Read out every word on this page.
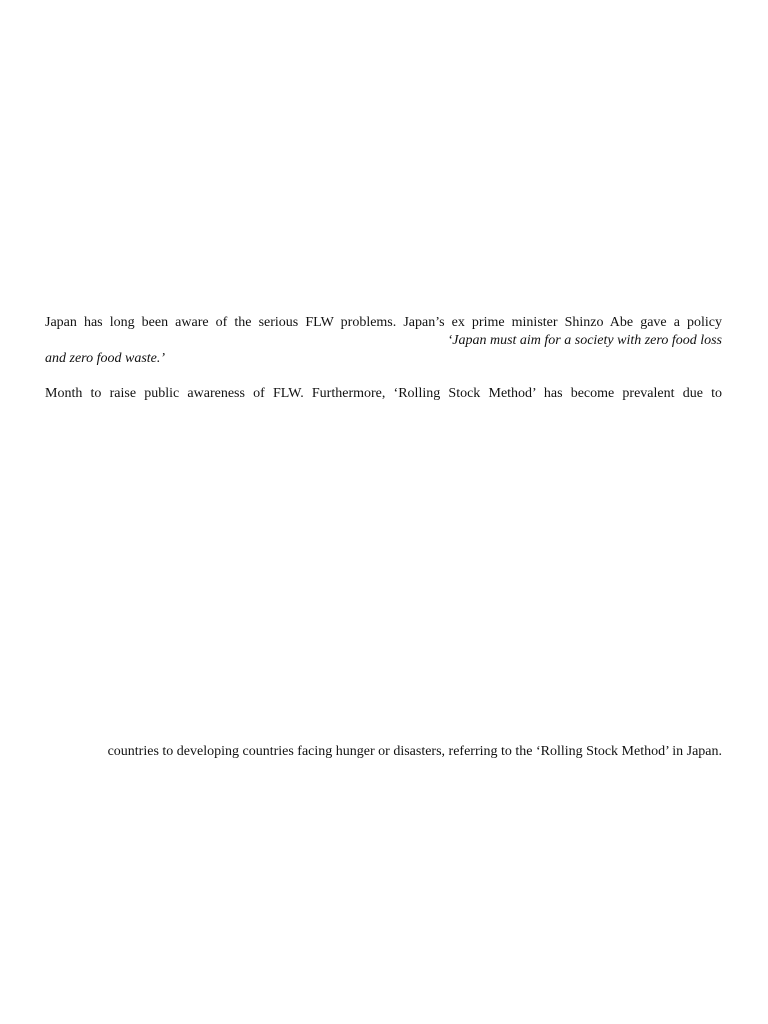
Japan has long been aware of the serious FLW problems. Japan’s ex prime minister Shinzo Abe gave a policy
‘Japan must aim for a society with zero food loss
and zero food waste.’
Month to raise public awareness of FLW. Furthermore, ‘Rolling Stock Method’ has become prevalent due to
countries to developing countries facing hunger or disasters, referring to the ‘Rolling Stock Method’ in Japan.
